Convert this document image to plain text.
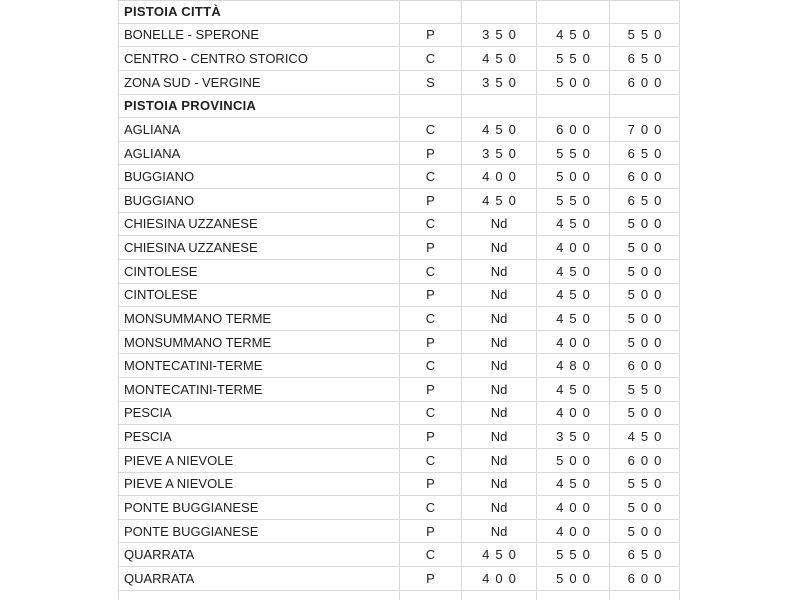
PISTOIA CITTÀ
BONELLE - SPERONE	P	350	450 550
CENTRO - CENTRO STORICO	C	450	550 650
ZONA SUD - VERGINE	S	350	500 600
PISTOIA PROVINCIA
AGLIANA	C	450	600 700
AGLIANA	P	350	550 650
BUGGIANO	C	400	500 600
BUGGIANO	P	450	550 650
CHIESINA UZZANESE	C	Nd	450 500
CHIESINA UZZANESE	P	Nd	400 500
CINTOLESE	C	Nd	450 500
CINTOLESE	P	Nd	450 500
MONSUMMANO TERME	C	Nd	450 500
MONSUMMANO TERME	P	Nd	400 500
MONTECATINI-TERME	C	Nd	480 600
MONTECATINI-TERME	P	Nd	450 550
PESCIA	C	Nd	400 500
PESCIA	P	Nd	350 450
PIEVE A NIEVOLE	C	Nd	500 600
PIEVE A NIEVOLE	P	Nd	450 550
PONTE BUGGIANESE	C	Nd	400 500
PONTE BUGGIANESE	P	Nd	400 500
QUARRATA	C	450	550 650
QUARRATA	P	400	500 600
